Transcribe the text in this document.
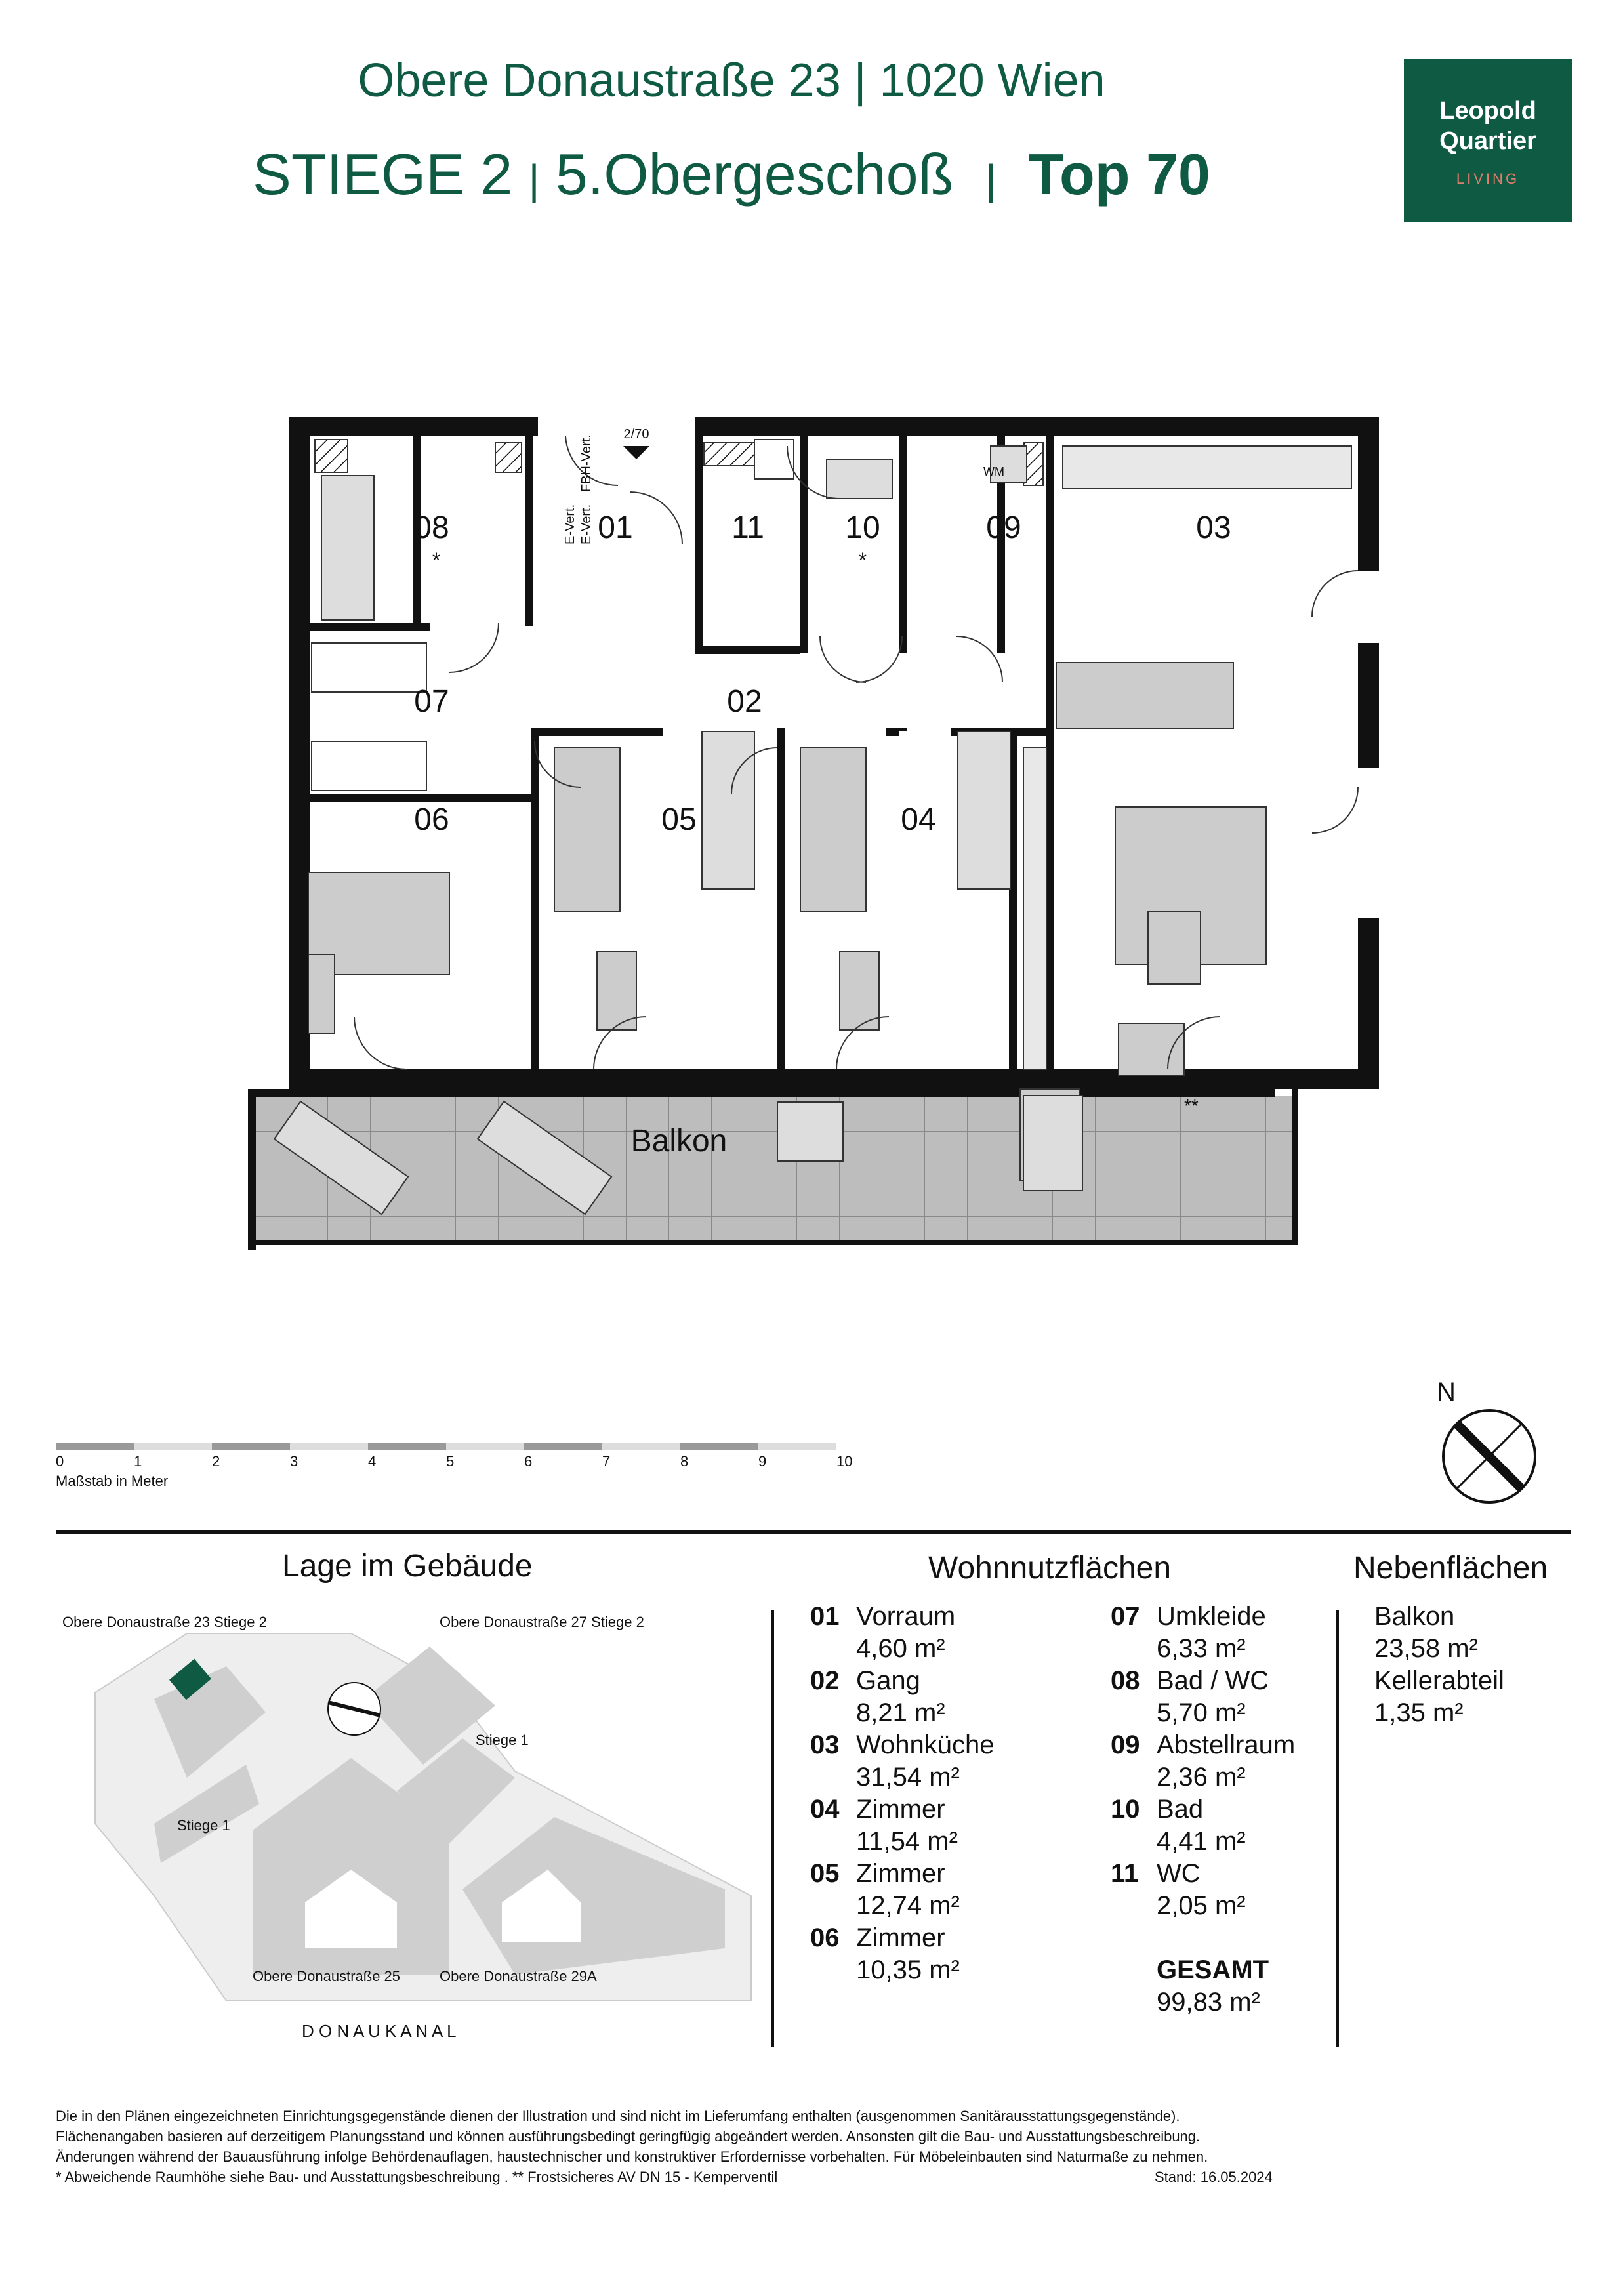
Obere Donaustraße 23 | 1020 Wien
STIEGE 2 | 5.Obergeschoß | Top 70
Leopold
Quartier
LIVING
08	01	11	10	09	03
07	02
06	05	04
Balkon
*	*
**
2/70
WM
E-Vert. E-Vert.
FBH-Vert.
0	1	2	3	4	5	6	7	8	9	10
Maßstab in Meter
N
Lage im Gebäude
Obere Donaustraße 23 Stiege 2	Obere Donaustraße 27 Stiege 2
Stiege 1
Stiege 1
Obere Donaustraße 25	Obere Donaustraße 29A
D O N A U K A N A L
Wohnnutzflächen
01 Vorraum
4,60 m²
02 Gang
8,21 m²
03 Wohnküche
31,54 m²
04 Zimmer
11,54 m²
05 Zimmer
12,74 m²
06 Zimmer
10,35 m²
07 Umkleide
6,33 m²
08 Bad / WC
5,70 m²
09 Abstellraum
2,36 m²
10 Bad
4,41 m²
11 WC
2,05 m²
GESAMT
99,83 m²
Nebenflächen
Balkon
23,58 m²
Kellerabteil
1,35 m²
Die in den Plänen eingezeichneten Einrichtungsgegenstände dienen der Illustration und sind nicht im Lieferumfang enthalten (ausgenommen Sanitärausstattungsgegenstände).
Flächenangaben basieren auf derzeitigem Planungsstand und können ausführungsbedingt geringfügig abgeändert werden. Ansonsten gilt die Bau- und Ausstattungsbeschreibung.
Änderungen während der Bauausführung infolge Behördenauflagen, haustechnischer und konstruktiver Erfordernisse vorbehalten. Für Möbeleinbauten sind Naturmaße zu nehmen.
* Abweichende Raumhöhe siehe Bau- und Ausstattungsbeschreibung . ** Frostsicheres AV DN 15 - Kemperventil	Stand: 16.05.2024
